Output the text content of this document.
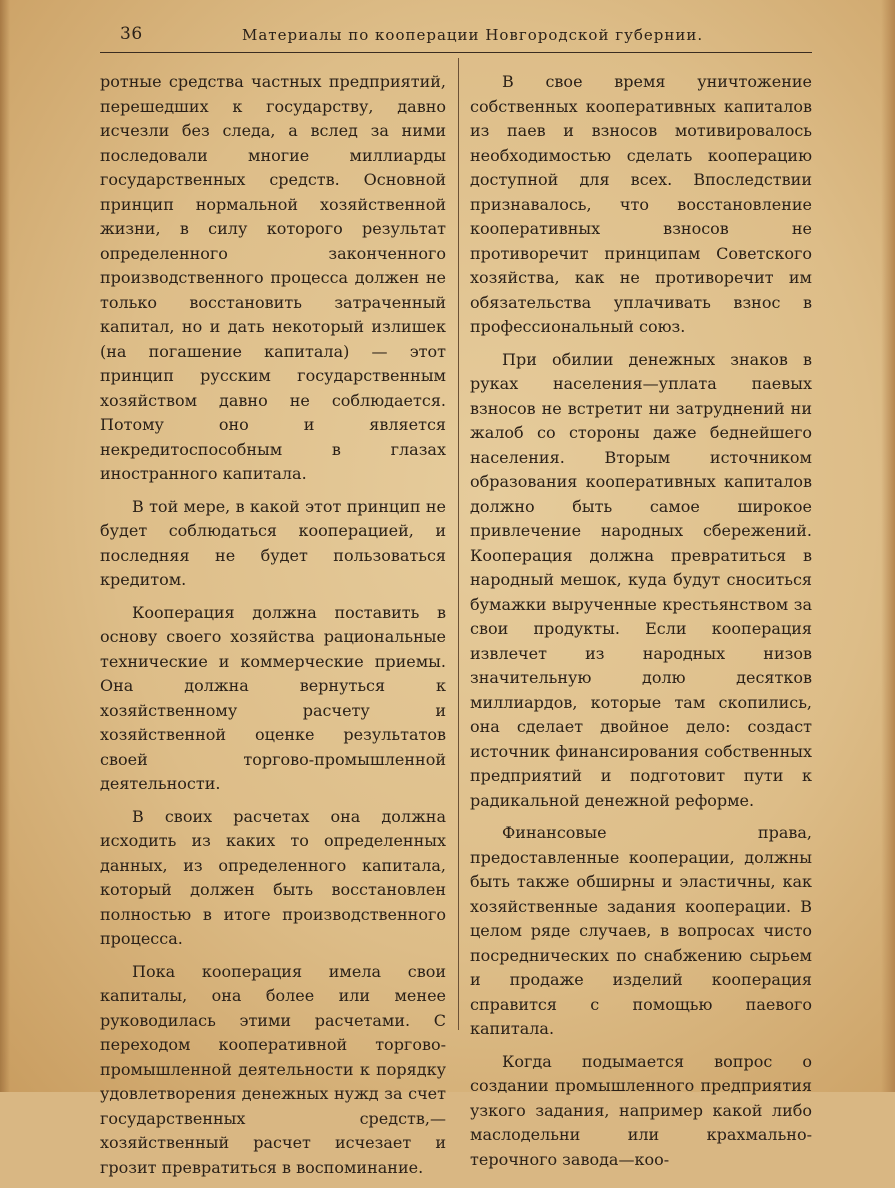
36	Материалы по кооперации Новгородской губернии.

ротные средства частных предприятий, перешедших к государству, давно исчезли без следа, а вслед за ними последовали многие миллиарды государственных средств. Основной принцип нормальной хозяйственной жизни, в силу которого результат определенного законченного производственного процесса должен не только восстановить затраченный капитал, но и дать некоторый излишек (на погашение капитала) — этот принцип русским государственным хозяйством давно не соблюдается. Потому оно и является некредитоспособным в глазах иностранного капитала.

В той мере, в какой этот принцип не будет соблюдаться кооперацией, и последняя не будет пользоваться кредитом.

Кооперация должна поставить в основу своего хозяйства рациональные технические и коммерческие приемы. Она должна вернуться к хозяйственному расчету и хозяйственной оценке результатов своей торгово-промышленной деятельности.

В своих расчетах она должна исходить из каких то определенных данных, из определенного капитала, который должен быть восстановлен полностью в итоге производственного процесса.

Пока кооперация имела свои капиталы, она более или менее руководилась этими расчетами. С переходом кооперативной торгово-промышленной деятельности к порядку удовлетворения денежных нужд за счет государственных средств,—хозяйственный расчет исчезает и грозит превратиться в воспоминание.

В свое время уничтожение собственных кооперативных капиталов из паев и взносов мотивировалось необходимостью сделать кооперацию доступной для всех. Впоследствии признавалось, что восстановление кооперативных взносов не противоречит принципам Советского хозяйства, как не противоречит им обязательства уплачивать взнос в профессиональный союз.

При обилии денежных знаков в руках населения—уплата паевых взносов не встретит ни затруднений ни жалоб со стороны даже беднейшего населения. Вторым источником образования кооперативных капиталов должно быть самое широкое привлечение народных сбережений. Кооперация должна превратиться в народный мешок, куда будут сноситься бумажки вырученные крестьянством за свои продукты. Если кооперация извлечет из народных низов значительную долю десятков миллиардов, которые там скопились, она сделает двойное дело: создаст источник финансирования собственных предприятий и подготовит пути к радикальной денежной реформе.

Финансовые права, предоставленные кооперации, должны быть также обширны и эластичны, как хозяйственные задания кооперации. В целом ряде случаев, в вопросах чисто посреднических по снабжению сырьем и продаже изделий кооперация справится с помощью паевого капитала.

Когда подымается вопрос о создании промышленного предприятия узкого задания, например какой либо маслодельни или крахмально-терочного завода—коо-
